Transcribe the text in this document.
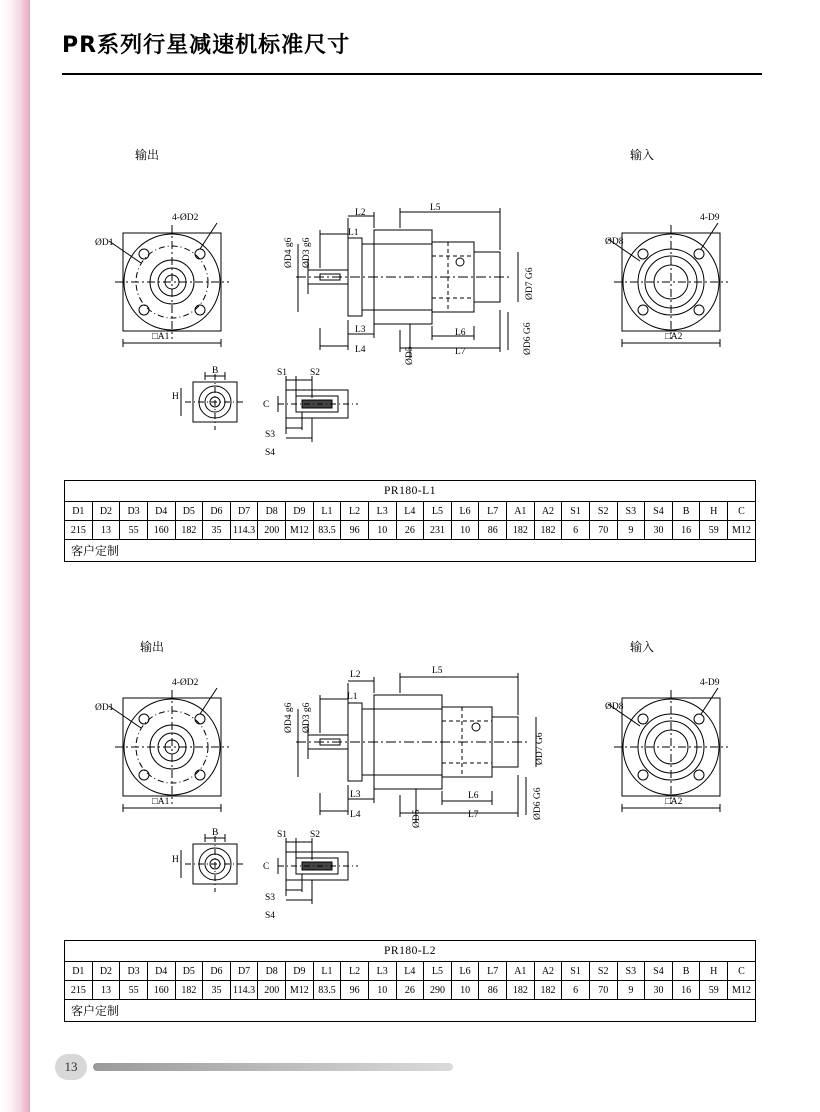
PR系列行星减速机标准尺寸
输出	输入
ØD1
4-ØD2
□A1
L2	L5
L1
ØD4 g6 ØD3 g6
L3
L4	ØD5
L6
L7	ØD6 G6
ØD7 G6
ØD8
4-D9
□A2
B
H
S1 S2
C
S3
S4
PR180-L1																								
D1	D2	D3	D4	D5	D6	D7	D8	D9	L1	L2	L3	L4	L5	L6	L7	A1	A2	S1	S2	S3	S4	B	H	C
215	13	55	160	182	35	114.3	200	M12	83.5	96	10	26	231	10	86	182	182	6	70	9	30	16	59	M12
客户定制																								
输出	输入
ØD1
4-ØD2
□A1
L2	L5
L1
ØD4 g6 ØD3 g6
L3
L4	ØD5
L6
L7	ØD6 G6
ØD7 G6
ØD8
4-D9
□A2
B
H
S1 S2
C
S3
S4
PR180-L2																								
D1	D2	D3	D4	D5	D6	D7	D8	D9	L1	L2	L3	L4	L5	L6	L7	A1	A2	S1	S2	S3	S4	B	H	C
215	13	55	160	182	35	114.3	200	M12	83.5	96	10	26	290	10	86	182	182	6	70	9	30	16	59	M12
客户定制																								
13
